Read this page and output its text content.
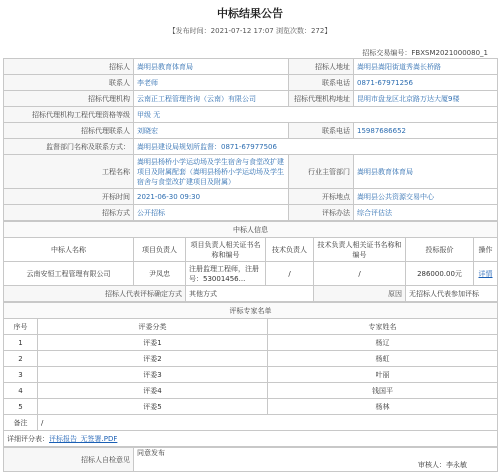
中标结果公告
【发布时间：2021-07-12 17:07 浏览次数：272】
招标交易编号：FBXSM2021000080_1
招标人	嵩明县教育体育局	招标人地址	嵩明县嵩阳街道秀嵩长桥路
联系人	李老师	联系电话	0871-67971256
招标代理机构	云南正工程管理咨询（云南）有限公司	招标代理机构地址	昆明市盘龙区北京路万达大厦9楼
招标代理机构工程代理资格等级	甲级 无		
招标代理联系人	刘晓宏	联系电话	15987686652
监督部门名称及联系方式：	嵩明县建设局规划所监督：0871-67977506		
工程名称	嵩明县杨桥小学运动场及学生宿舍与食堂改扩建项目及附属配套（嵩明县杨桥小学运动场及学生宿舍与食堂改扩建项目及附属）	行业主管部门	嵩明县教育体育局
开标时间	2021-06-30 09:30	开标地点	嵩明县公共资源交易中心
招标方式	公开招标	评标办法	综合评估法
中标人信息						
中标人名称	项目负责人	项目负责人相关证书名称和编号	技术负责人	技术负责人相关证书名称和编号	投标报价	操作
云南安恒工程管理有限公司	尹凤忠	注册监理工程师，注册号：53001456...	/	/	286000.00元	详情
招标人代表评标确定方式		其他方式		原因	无招标人代表参加评标	
评标专家名单		
序号	评委分类	专家姓名
1	评委1	杨辽
2	评委2	杨虹
3	评委3	叶丽
4	评委4	钱国平
5	评委5	杨林
备注	/	
详细评分表：评标报告_无签署.PDF		
招标人自检意见	同意发布
审核人：李永敏
